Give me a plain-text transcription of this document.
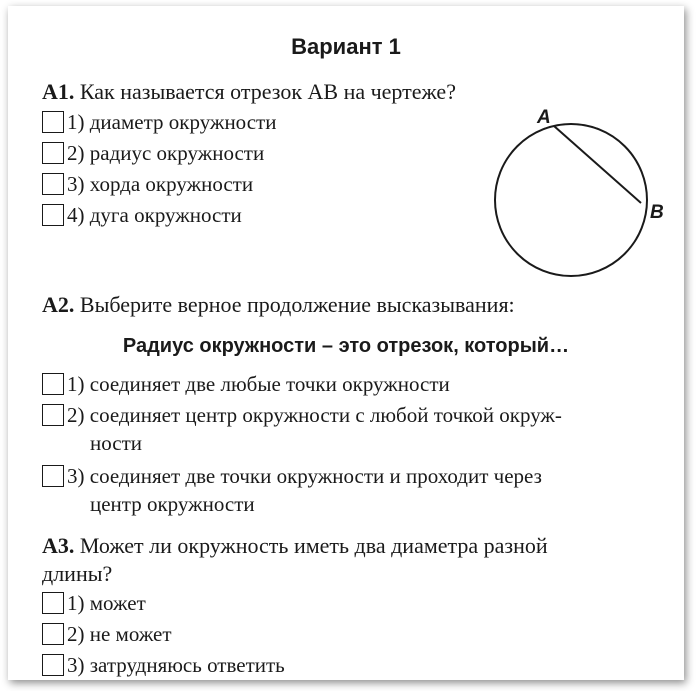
Вариант 1
А1. Как называется отрезок AB на чертеже?
1) диаметр окружности
2) радиус окружности
3) хорда окружности
4) дуга окружности
A
B
А2. Выберите верное продолжение высказывания:
Радиус окружности – это отрезок, который…
1) соединяет две любые точки окружности
2) соединяет центр окружности с любой точкой окруж-
ности
3) соединяет две точки окружности и проходит через
центр окружности
А3. Может ли окружность иметь два диаметра разной
длины?
1) может
2) не может
3) затрудняюсь ответить
